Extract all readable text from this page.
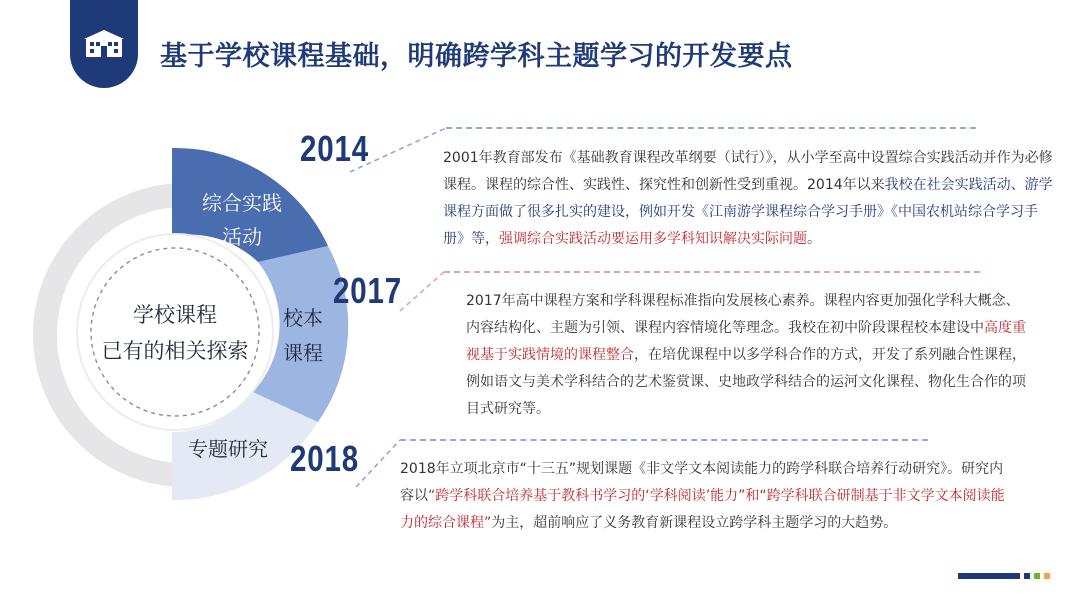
基于学校课程基础，明确跨学科主题学习的开发要点
综合实践
活动
校本
课程
专题研究
学校课程
已有的相关探索
2014
2017
2018
2001年教育部发布《基础教育课程改革纲要（试行）》，从小学至高中设置综合实践活动并作为必修课程。课程的综合性、实践性、探究性和创新性受到重视。2014年以来我校在社会实践活动、游学课程方面做了很多扎实的建设，例如开发《江南游学课程综合学习手册》《中国农机站综合学习手册》等，强调综合实践活动要运用多学科知识解决实际问题。
2017年高中课程方案和学科课程标准指向发展核心素养。课程内容更加强化学科大概念、内容结构化、主题为引领、课程内容情境化等理念。我校在初中阶段课程校本建设中高度重视基于实践情境的课程整合，在培优课程中以多学科合作的方式，开发了系列融合性课程，例如语文与美术学科结合的艺术鉴赏课、史地政学科结合的运河文化课程、物化生合作的项目式研究等。
2018年立项北京市“十三五”规划课题《非文学文本阅读能力的跨学科联合培养行动研究》。研究内容以“跨学科联合培养基于教科书学习的‘学科阅读’能力”和“跨学科联合研制基于非文学文本阅读能力的综合课程”为主，超前响应了义务教育新课程设立跨学科主题学习的大趋势。
